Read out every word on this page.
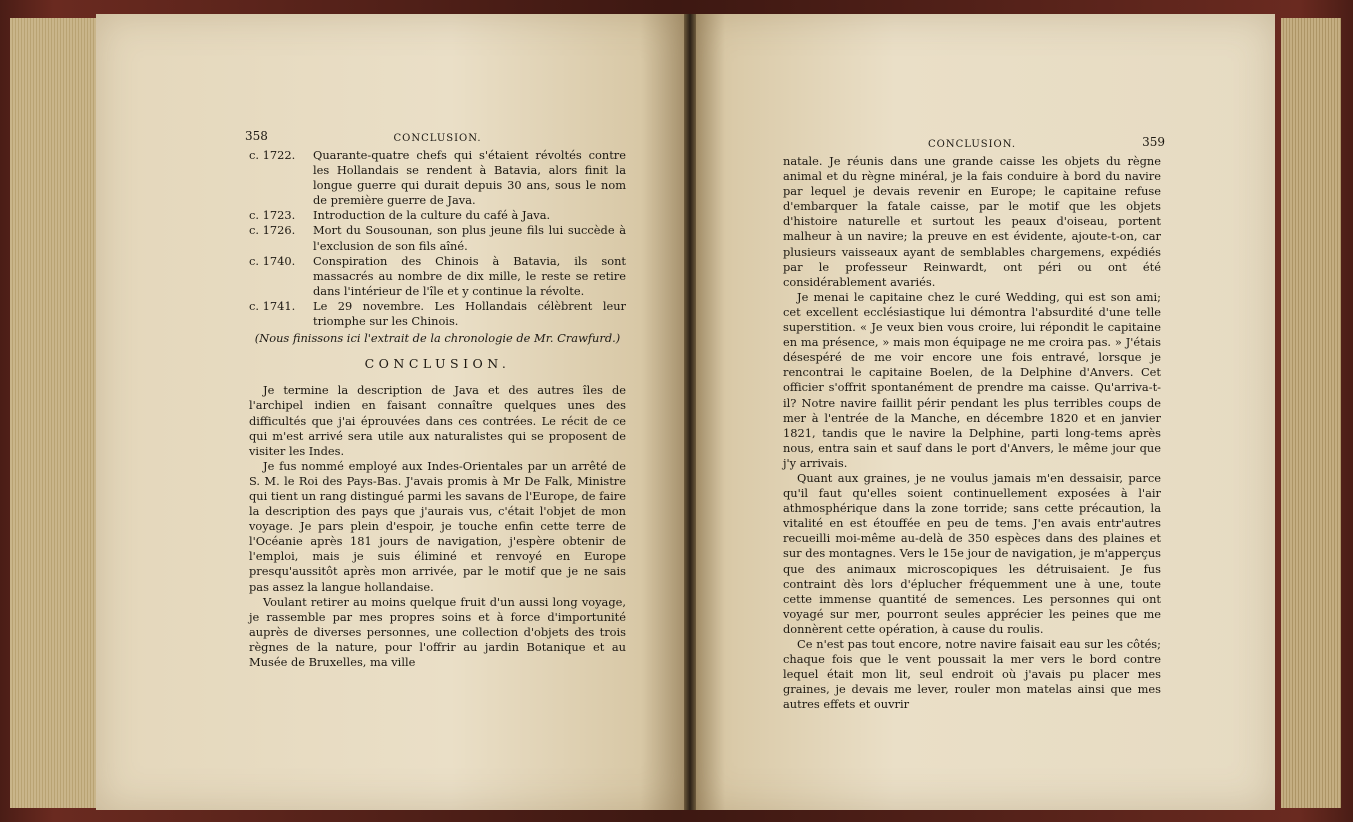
358	CONCLUSION.
c. 1722.	Quarante-quatre chefs qui s'étaient révoltés contre les Hollandais se rendent à Batavia, alors finit la longue guerre qui durait depuis 30 ans, sous le nom de première guerre de Java.
c. 1723.	Introduction de la culture du café à Java.
c. 1726.	Mort du Sousounan, son plus jeune fils lui succède à l'exclusion de son fils aîné.
c. 1740.	Conspiration des Chinois à Batavia, ils sont massacrés au nombre de dix mille, le reste se retire dans l'intérieur de l'île et y continue la révolte.
c. 1741.	Le 29 novembre. Les Hollandais célèbrent leur triomphe sur les Chinois.
(Nous finissons ici l'extrait de la chronologie de Mr. Crawfurd.)
CONCLUSION.

Je termine la description de Java et des autres îles de l'archipel indien en faisant connaître quelques unes des difficultés que j'ai éprouvées dans ces contrées. Le récit de ce qui m'est arrivé sera utile aux naturalistes qui se proposent de visiter les Indes.

Je fus nommé employé aux Indes-Orientales par un arrêté de S. M. le Roi des Pays-Bas. J'avais promis à Mr De Falk, Ministre qui tient un rang distingué parmi les savans de l'Europe, de faire la description des pays que j'aurais vus, c'était l'objet de mon voyage. Je pars plein d'espoir, je touche enfin cette terre de l'Océanie après 181 jours de navigation, j'espère obtenir de l'emploi, mais je suis éliminé et renvoyé en Europe presqu'aussitôt après mon arrivée, par le motif que je ne sais pas assez la langue hollandaise.

Voulant retirer au moins quelque fruit d'un aussi long voyage, je rassemble par mes propres soins et à force d'importunité auprès de diverses personnes, une collection d'objets des trois règnes de la nature, pour l'offrir au jardin Botanique et au Musée de Bruxelles, ma ville

CONCLUSION.	359

natale. Je réunis dans une grande caisse les objets du règne animal et du règne minéral, je la fais conduire à bord du navire par lequel je devais revenir en Europe; le capitaine refuse d'embarquer la fatale caisse, par le motif que les objets d'histoire naturelle et surtout les peaux d'oiseau, portent malheur à un navire; la preuve en est évidente, ajoute-t-on, car plusieurs vaisseaux ayant de semblables chargemens, expédiés par le professeur Reinwardt, ont péri ou ont été considérablement avariés.

Je menai le capitaine chez le curé Wedding, qui est son ami; cet excellent ecclésiastique lui démontra l'absurdité d'une telle superstition. « Je veux bien vous croire, lui répondit le capitaine en ma présence, » mais mon équipage ne me croira pas. » J'étais désespéré de me voir encore une fois entravé, lorsque je rencontrai le capitaine Boelen, de la Delphine d'Anvers. Cet officier s'offrit spontanément de prendre ma caisse. Qu'arriva-t-il? Notre navire faillit périr pendant les plus terribles coups de mer à l'entrée de la Manche, en décembre 1820 et en janvier 1821, tandis que le navire la Delphine, parti long-tems après nous, entra sain et sauf dans le port d'Anvers, le même jour que j'y arrivais.

Quant aux graines, je ne voulus jamais m'en dessaisir, parce qu'il faut qu'elles soient continuellement exposées à l'air athmosphérique dans la zone torride; sans cette précaution, la vitalité en est étouffée en peu de tems. J'en avais entr'autres recueilli moi-même au-delà de 350 espèces dans des plaines et sur des montagnes. Vers le 15e jour de navigation, je m'apperçus que des animaux microscopiques les détruisaient. Je fus contraint dès lors d'éplucher fréquemment une à une, toute cette immense quantité de semences. Les personnes qui ont voyagé sur mer, pourront seules apprécier les peines que me donnèrent cette opération, à cause du roulis.

Ce n'est pas tout encore, notre navire faisait eau sur les côtés; chaque fois que le vent poussait la mer vers le bord contre lequel était mon lit, seul endroit où j'avais pu placer mes graines, je devais me lever, rouler mon matelas ainsi que mes autres effets et ouvrir
